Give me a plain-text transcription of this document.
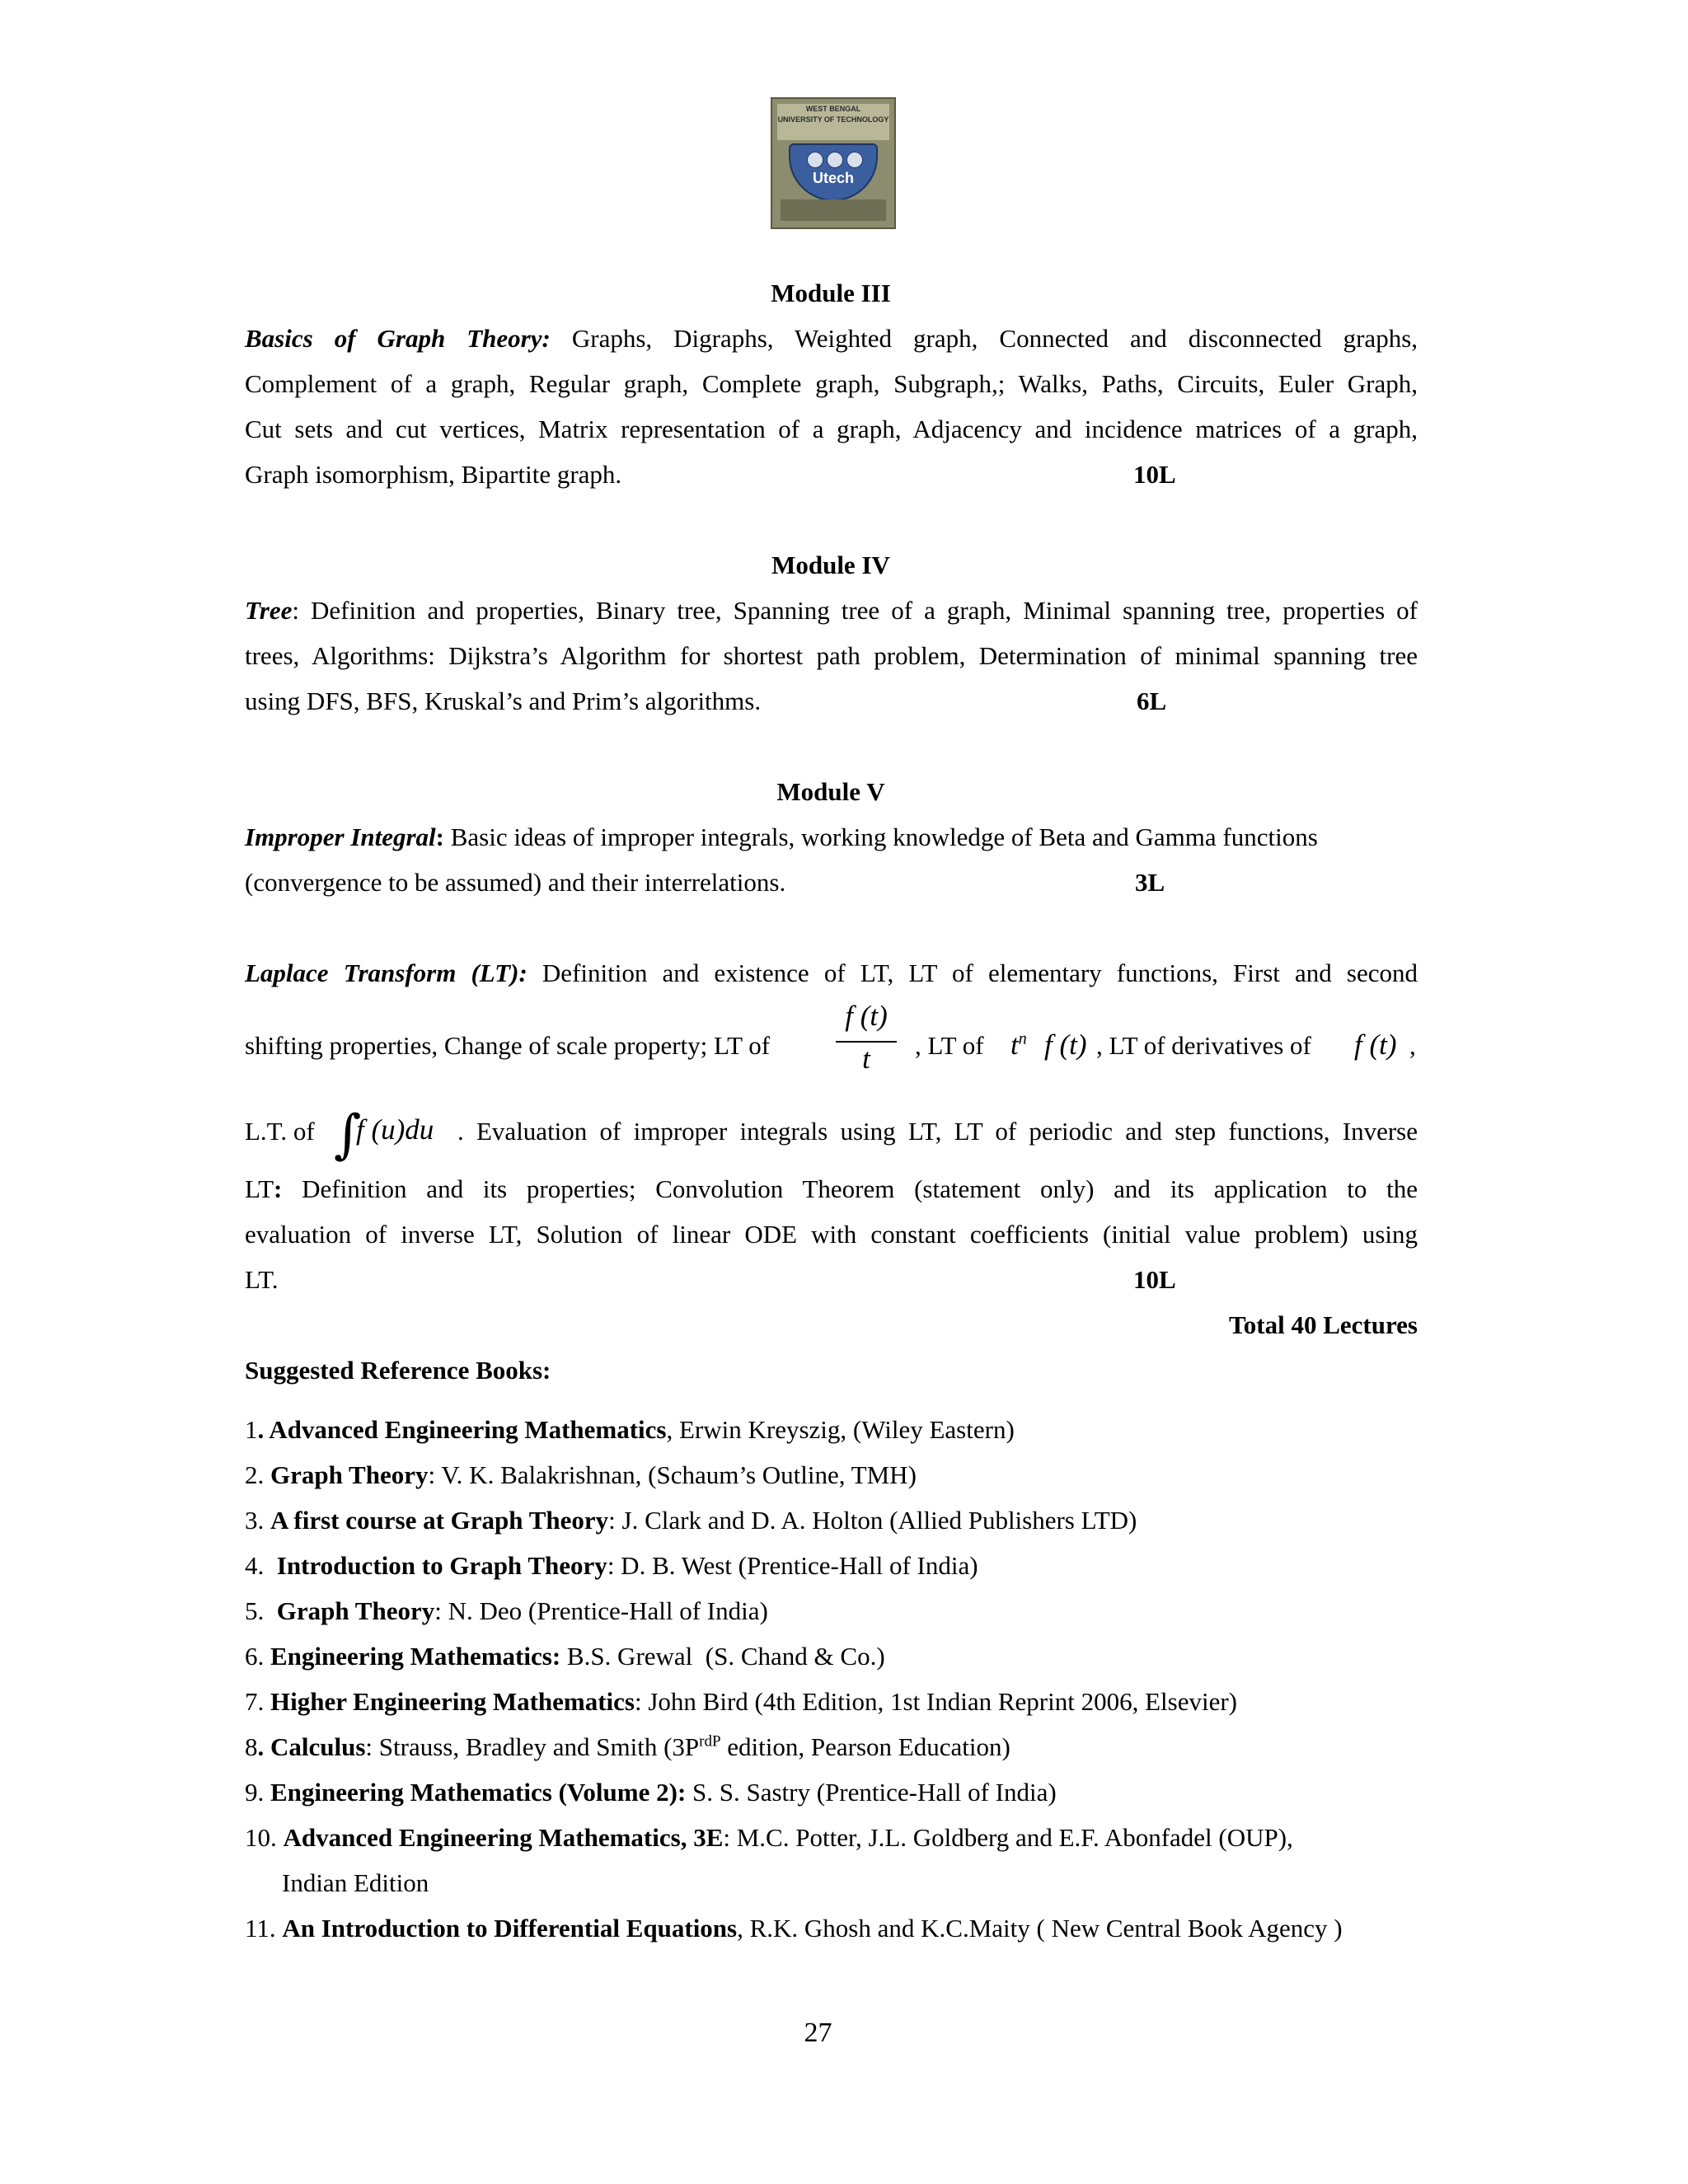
WEST BENGAL
UNIVERSITY OF TECHNOLOGY
Utech
Module III
Basics of Graph Theory: Graphs, Digraphs, Weighted graph, Connected and disconnected graphs,
Complement of a graph, Regular graph, Complete graph, Subgraph,; Walks, Paths, Circuits, Euler Graph,
Cut sets and cut vertices, Matrix representation of a graph, Adjacency and incidence matrices of a graph,
Graph isomorphism, Bipartite graph.	10L
Module IV
Tree: Definition and properties, Binary tree, Spanning tree of a graph, Minimal spanning tree, properties of
trees, Algorithms: Dijkstra’s Algorithm for shortest path problem, Determination of minimal spanning tree
using DFS, BFS, Kruskal’s and Prim’s algorithms.	6L
Module V
Improper Integral: Basic ideas of improper integrals, working knowledge of Beta and Gamma functions
(convergence to be assumed) and their interrelations.	3L
Laplace Transform (LT): Definition and existence of LT, LT of elementary functions, First and second
shifting properties, Change of scale property; LT of
f (t)
t	, LT of $t^n$ f (t) , LT of derivatives of f (t) ,
L.T. of ∫
f (u)du . Evaluation of improper integrals using LT, LT of periodic and step functions, Inverse
LT: Definition and its properties; Convolution Theorem (statement only) and its application to the
evaluation of inverse LT, Solution of linear ODE with constant coefficients (initial value problem) using
LT.	10L
Total 40 Lectures
Suggested Reference Books:
1. Advanced Engineering Mathematics, Erwin Kreyszig, (Wiley Eastern)
2. Graph Theory: V. K. Balakrishnan, (Schaum’s Outline, TMH)
3. A first course at Graph Theory: J. Clark and D. A. Holton (Allied Publishers LTD)
4.  Introduction to Graph Theory: D. B. West (Prentice-Hall of India)
5.  Graph Theory: N. Deo (Prentice-Hall of India)
6. Engineering Mathematics: B.S. Grewal  (S. Chand & Co.)
7. Higher Engineering Mathematics: John Bird (4th Edition, 1st Indian Reprint 2006, Elsevier)
8. Calculus: Strauss, Bradley and Smith ($3P^{rdP}$ edition, Pearson Education)
9. Engineering Mathematics (Volume 2): S. S. Sastry (Prentice-Hall of India)
10. Advanced Engineering Mathematics, 3E: M.C. Potter, J.L. Goldberg and E.F. Abonfadel (OUP),
Indian Edition
11. An Introduction to Differential Equations, R.K. Ghosh and K.C.Maity ( New Central Book Agency )
27
